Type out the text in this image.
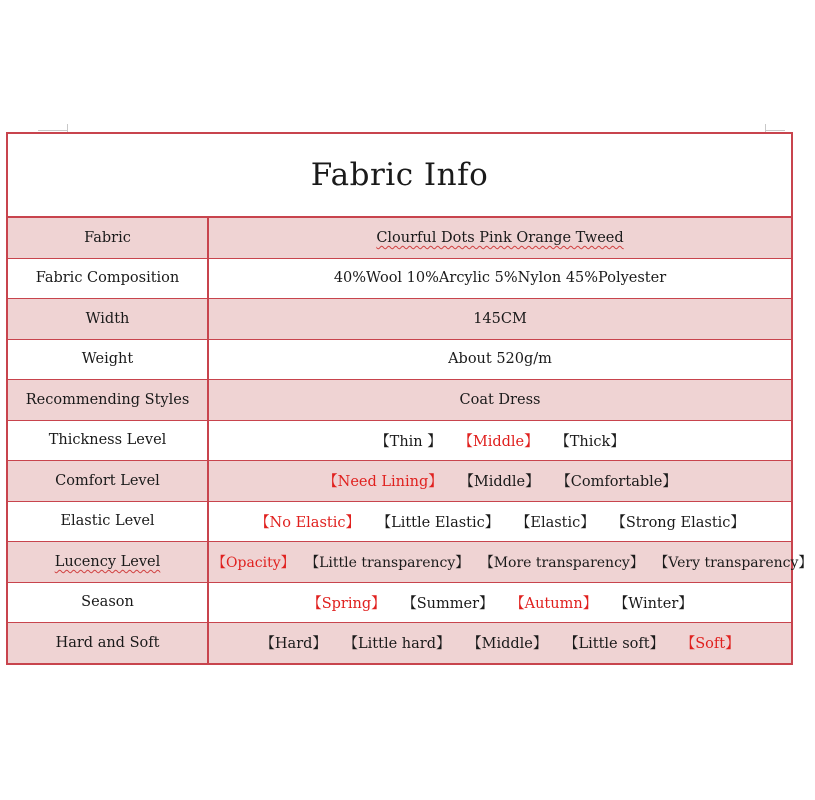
Fabric Info
Fabric	Clourful Dots Pink Orange Tweed
Fabric Composition	40%Wool 10%Arcylic 5%Nylon 45%Polyester
Width	145CM
Weight	About 520g/m
Recommending Styles	Coat Dress
Thickness Level	【Thin 】 【Middle】 【Thick】
Comfort Level	【Need Lining】 【Middle】 【Comfortable】
Elastic Level	【No Elastic】 【Little Elastic】 【Elastic】 【Strong Elastic】
Lucency Level	【Opacity】 【Little transparency】 【More transparency】 【Very transparency】
Season	【Spring】 【Summer】 【Autumn】 【Winter】
Hard and Soft	【Hard】 【Little hard】 【Middle】 【Little soft】 【Soft】
